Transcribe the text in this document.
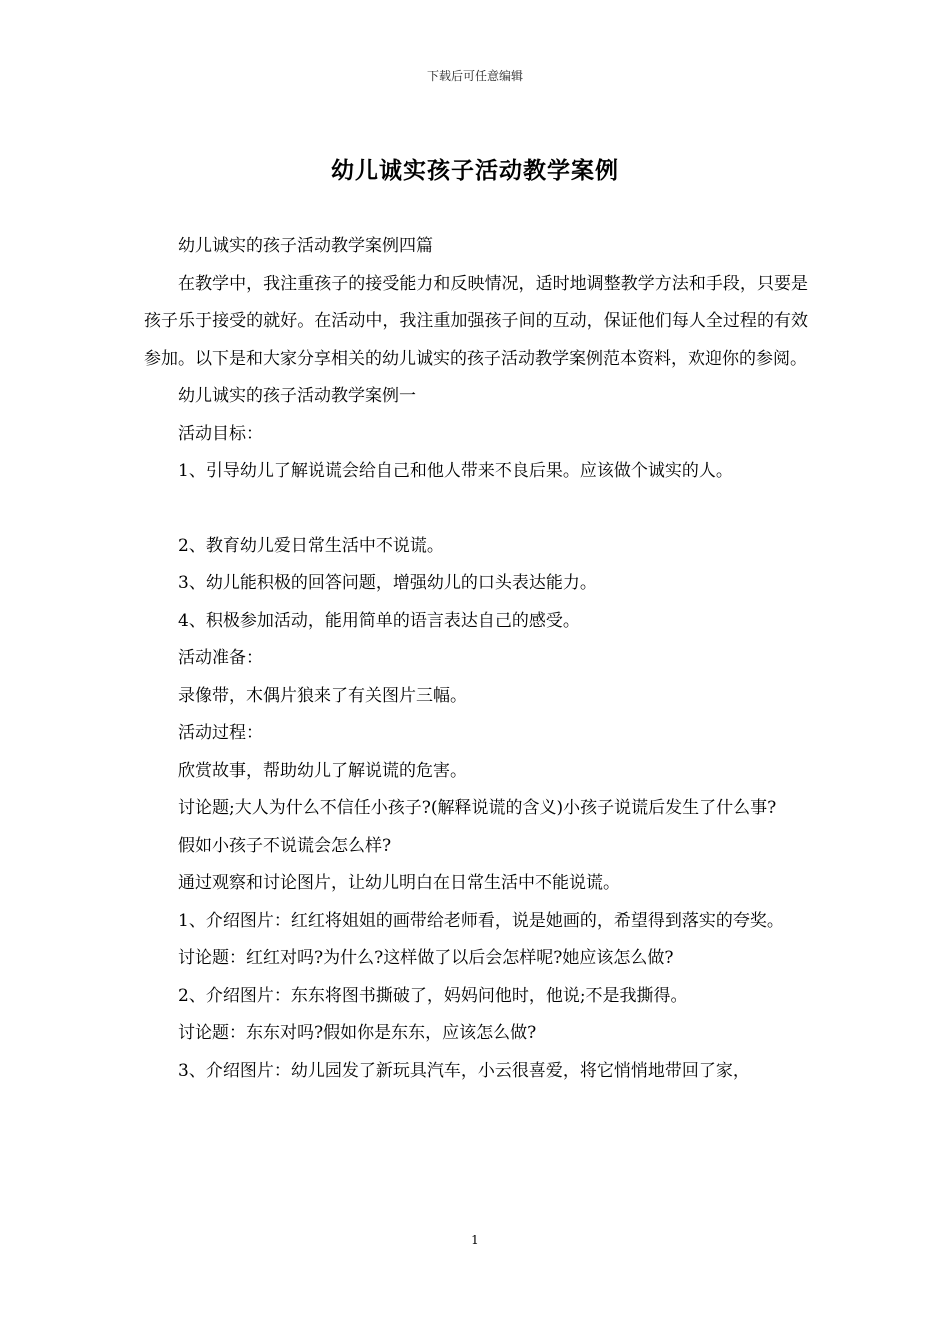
下载后可任意编辑
幼儿诚实孩子活动教学案例

幼儿诚实的孩子活动教学案例四篇

在教学中，我注重孩子的接受能力和反映情况，适时地调整教学方法和手段，只要是孩子乐于接受的就好。在活动中，我注重加强孩子间的互动，保证他们每人全过程的有效参加。以下是和大家分享相关的幼儿诚实的孩子活动教学案例范本资料，欢迎你的参阅。

幼儿诚实的孩子活动教学案例一

活动目标：

1、引导幼儿了解说谎会给自己和他人带来不良后果。应该做个诚实的人。

2、教育幼儿爱日常生活中不说谎。

3、幼儿能积极的回答问题，增强幼儿的口头表达能力。

4、积极参加活动，能用简单的语言表达自己的感受。

活动准备：

录像带，木偶片狼来了有关图片三幅。

活动过程：

欣赏故事，帮助幼儿了解说谎的危害。

讨论题;大人为什么不信任小孩子?(解释说谎的含义)小孩子说谎后发生了什么事?

假如小孩子不说谎会怎么样?

通过观察和讨论图片，让幼儿明白在日常生活中不能说谎。

1、介绍图片：红红将姐姐的画带给老师看，说是她画的，希望得到落实的夸奖。

讨论题：红红对吗?为什么?这样做了以后会怎样呢?她应该怎么做?

2、介绍图片：东东将图书撕破了，妈妈问他时，他说;不是我撕得。

讨论题：东东对吗?假如你是东东，应该怎么做?

3、介绍图片：幼儿园发了新玩具汽车，小云很喜爱，将它悄悄地带回了家，

1
